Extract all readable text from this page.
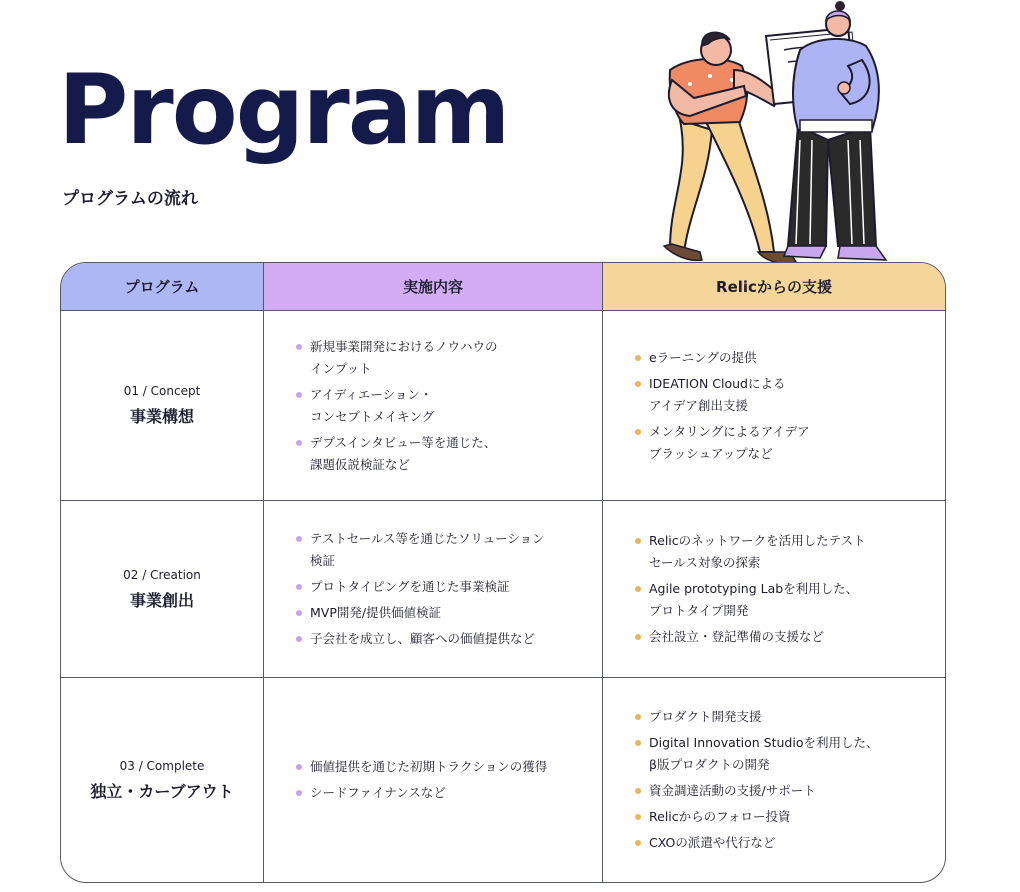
Program
プログラムの流れ
プログラム	実施内容	Relicからの支援
01 / Concept
事業構想
新規事業開発におけるノウハウの
インプット
アイディエーション・
コンセプトメイキング
デプスインタビュー等を通じた、
課題仮説検証など
eラーニングの提供
IDEATION Cloudによる
アイデア創出支援
メンタリングによるアイデア
ブラッシュアップなど
02 / Creation
事業創出
テストセールス等を通じたソリューション
検証
プロトタイピングを通じた事業検証
MVP開発/提供価値検証
子会社を成立し、顧客への価値提供など
Relicのネットワークを活用したテスト
セールス対象の探索
Agile prototyping Labを利用した、
プロトタイプ開発
会社設立・登記準備の支援など
03 / Complete
独立・カーブアウト
価値提供を通じた初期トラクションの獲得
シードファイナンスなど
プロダクト開発支援
Digital Innovation Studioを利用した、
β版プロダクトの開発
資金調達活動の支援/サポート
Relicからのフォロー投資
CXOの派遣や代行など
